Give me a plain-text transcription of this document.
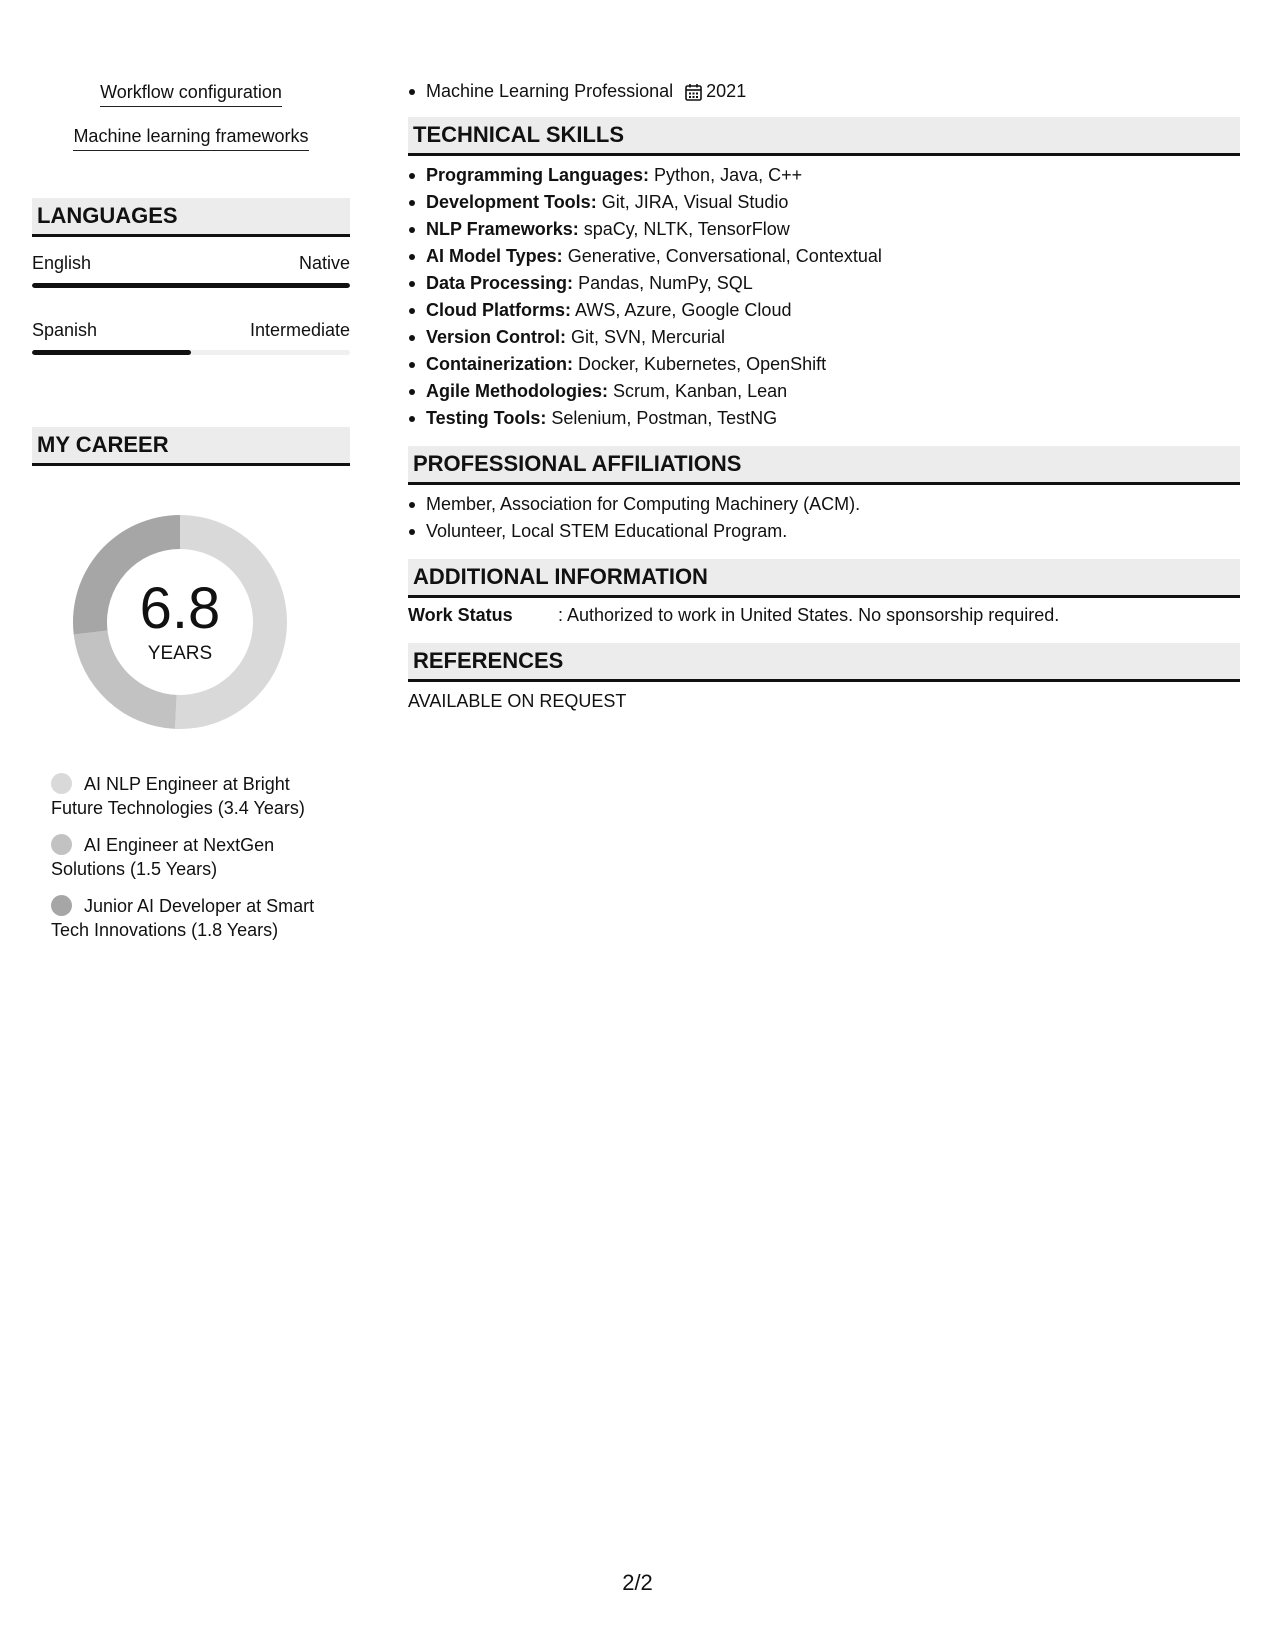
Workflow configuration
Machine learning frameworks
LANGUAGES
English	Native
Spanish	Intermediate
MY CAREER
6.8
YEARS
AI NLP Engineer at Bright Future Technologies (3.4 Years)
AI Engineer at NextGen Solutions (1.5 Years)
Junior AI Developer at Smart Tech Innovations (1.8 Years)
Machine Learning Professional 2021
TECHNICAL SKILLS
Programming Languages: Python, Java, C++
Development Tools: Git, JIRA, Visual Studio
NLP Frameworks: spaCy, NLTK, TensorFlow
AI Model Types: Generative, Conversational, Contextual
Data Processing: Pandas, NumPy, SQL
Cloud Platforms: AWS, Azure, Google Cloud
Version Control: Git, SVN, Mercurial
Containerization: Docker, Kubernetes, OpenShift
Agile Methodologies: Scrum, Kanban, Lean
Testing Tools: Selenium, Postman, TestNG
PROFESSIONAL AFFILIATIONS
Member, Association for Computing Machinery (ACM).
Volunteer, Local STEM Educational Program.
ADDITIONAL INFORMATION
Work Status	: Authorized to work in United States. No sponsorship required.
REFERENCES
AVAILABLE ON REQUEST
2/2
